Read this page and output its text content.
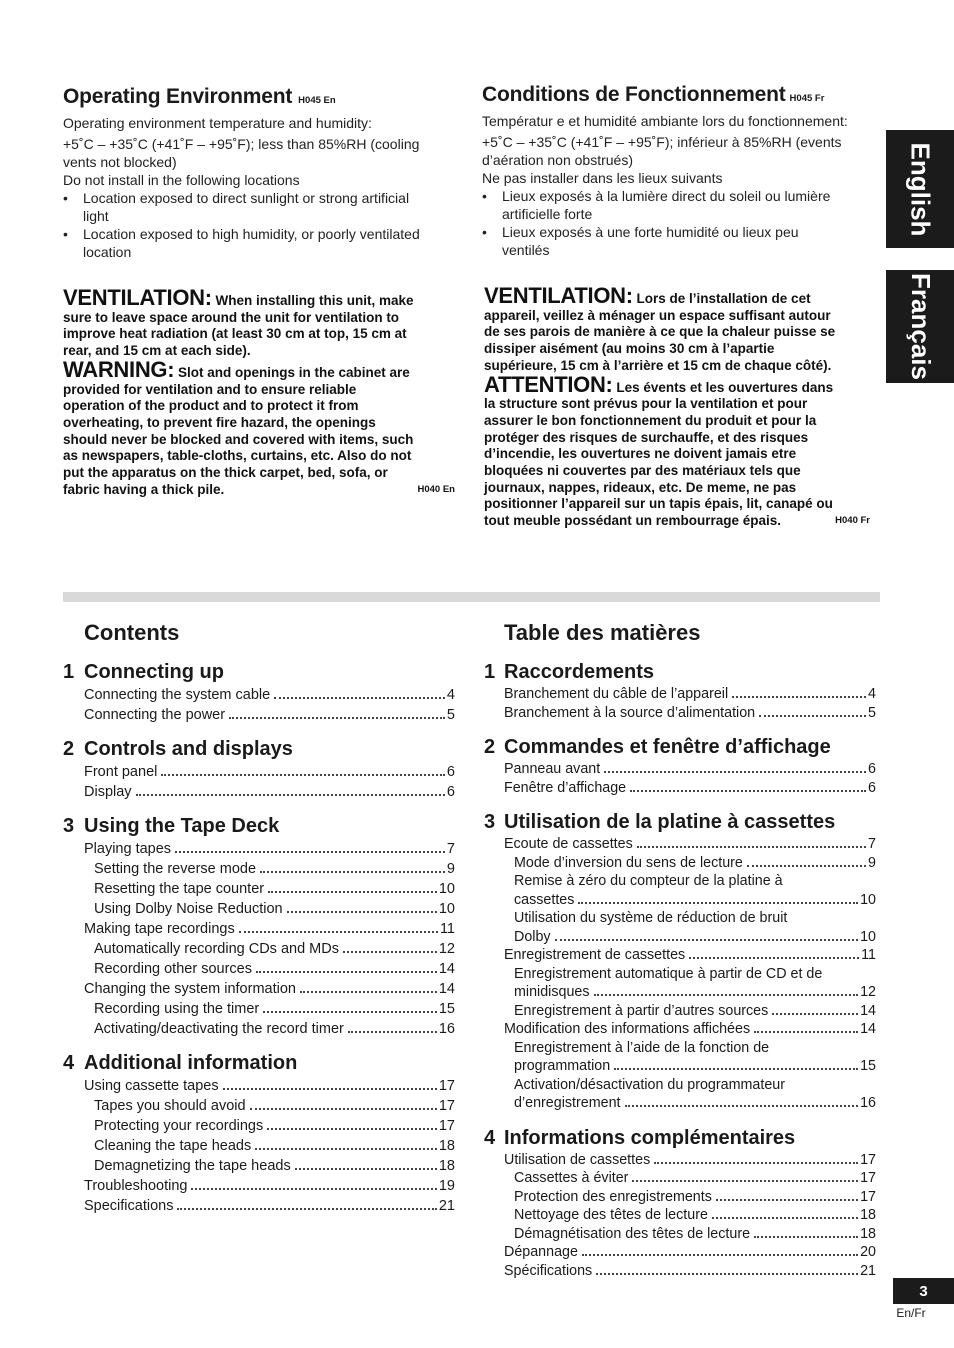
Operating Environment H045 En
Operating environment temperature and humidity:
+5˚C – +35˚C (+41˚F – +95˚F); less than 85%RH (cooling
vents not blocked)
Do not install in the following locations
• Location exposed to direct sunlight or strong artificial
light
• Location exposed to high humidity, or poorly ventilated
location
Conditions de Fonctionnement H045 Fr
Températur e et humidité ambiante lors du fonctionnement:
+5˚C – +35˚C (+41˚F – +95˚F); inférieur à 85%RH (events
d’aération non obstrués)
Ne pas installer dans les lieux suivants
• Lieux exposés à la lumière direct du soleil ou lumière
artificielle forte
• Lieux exposés à une forte humidité ou lieux peu
ventilés
VENTILATION: When installing this unit, make
sure to leave space around the unit for ventilation to
improve heat radiation (at least 30 cm at top, 15 cm at
rear, and 15 cm at each side).
WARNING: Slot and openings in the cabinet are
provided for ventilation and to ensure reliable
operation of the product and to protect it from
overheating, to prevent fire hazard, the openings
should never be blocked and covered with items, such
as newspapers, table-cloths, curtains, etc. Also do not
put the apparatus on the thick carpet, bed, sofa, or
fabric having a thick pile.	H040 En
VENTILATION: Lors de l’installation de cet
appareil, veillez à ménager un espace suffisant autour
de ses parois de manière à ce que la chaleur puisse se
dissiper aisément (au moins 30 cm à l’apartie
supérieure, 15 cm à l’arrière et 15 cm de chaque côté).
ATTENTION: Les évents et les ouvertures dans
la structure sont prévus pour la ventilation et pour
assurer le bon fonctionnement du produit et pour la
protéger des risques de surchauffe, et des risques
d’incendie, les ouvertures ne doivent jamais etre
bloquées ni couvertes par des matériaux tels que
journaux, nappes, rideaux, etc. De meme, ne pas
positionner l’appareil sur un tapis épais, lit, canapé ou
tout meuble possédant un rembourrage épais.	H040 Fr
English
Français
Contents
1 Connecting up
Connecting the system cable	4
Connecting the power	5
2 Controls and displays
Front panel	6
Display	6
3 Using the Tape Deck
Playing tapes	7
Setting the reverse mode	9
Resetting the tape counter	10
Using Dolby Noise Reduction	10
Making tape recordings	11
Automatically recording CDs and MDs	12
Recording other sources	14
Changing the system information	14
Recording using the timer	15
Activating/deactivating the record timer	16
4 Additional information
Using cassette tapes	17
Tapes you should avoid	17
Protecting your recordings	17
Cleaning the tape heads	18
Demagnetizing the tape heads	18
Troubleshooting	19
Specifications	21
Table des matières
1 Raccordements
Branchement du câble de l’appareil	4
Branchement à la source d’alimentation	5
2 Commandes et fenêtre d’affichage
Panneau avant	6
Fenêtre d’affichage	6
3 Utilisation de la platine à cassettes
Ecoute de cassettes	7
Mode d’inversion du sens de lecture	9
Remise à zéro du compteur de la platine à
cassettes	10
Utilisation du système de réduction de bruit
Dolby	10
Enregistrement de cassettes	11
Enregistrement automatique à partir de CD et de
minidisques	12
Enregistrement à partir d’autres sources	14
Modification des informations affichées	14
Enregistrement à l’aide de la fonction de
programmation	15
Activation/désactivation du programmateur
d’enregistrement	16
4 Informations complémentaires
Utilisation de cassettes	17
Cassettes à éviter	17
Protection des enregistrements	17
Nettoyage des têtes de lecture	18
Démagnétisation des têtes de lecture	18
Dépannage	20
Spécifications	21
3
En/Fr
